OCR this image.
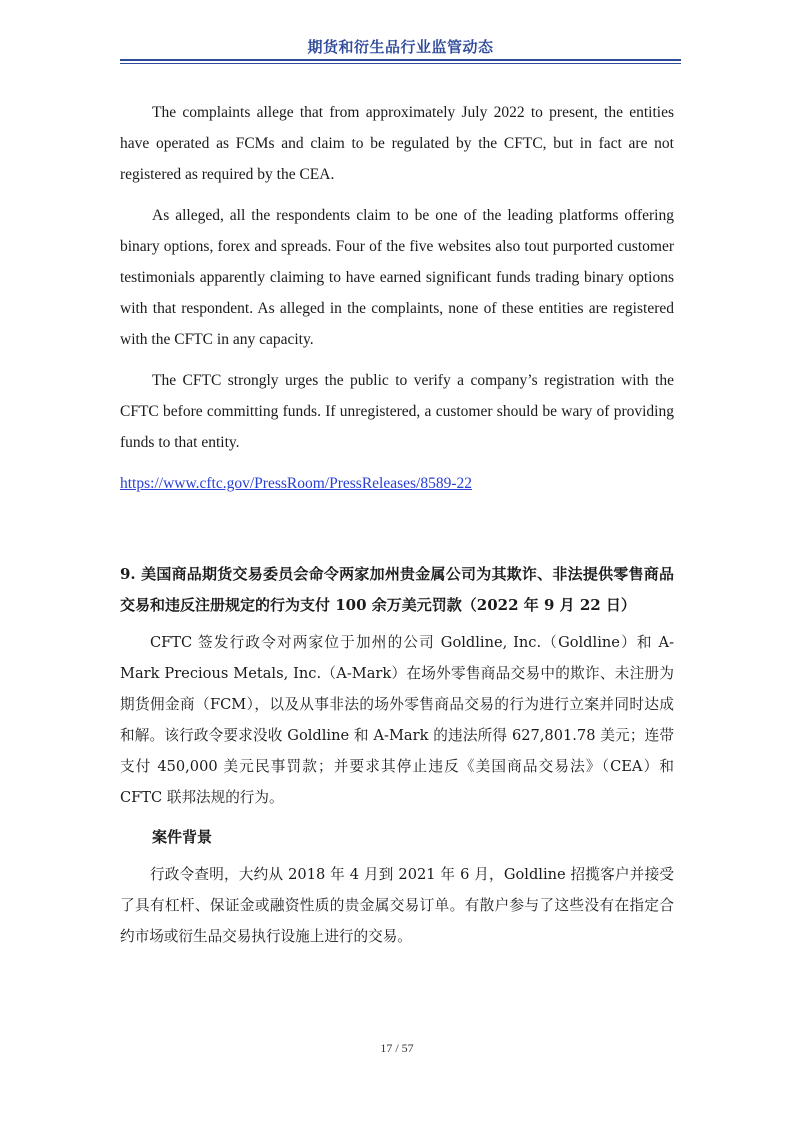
期货和衍生品行业监管动态

The complaints allege that from approximately July 2022 to present, the entities have operated as FCMs and claim to be regulated by the CFTC, but in fact are not registered as required by the CEA.

As alleged, all the respondents claim to be one of the leading platforms offering binary options, forex and spreads. Four of the five websites also tout purported customer testimonials apparently claiming to have earned significant funds trading binary options with that respondent. As alleged in the complaints, none of these entities are registered with the CFTC in any capacity.

The CFTC strongly urges the public to verify a company’s registration with the CFTC before committing funds. If unregistered, a customer should be wary of providing funds to that entity.

https://www.cftc.gov/PressRoom/PressReleases/8589-22

9. 美国商品期货交易委员会命令两家加州贵金属公司为其欺诈、非法提供零售商品交易和违反注册规定的行为支付 100 余万美元罚款（2022 年 9 月 22 日）

CFTC 签发行政令对两家位于加州的公司 Goldline, Inc.（Goldline）和 A-Mark Precious Metals, Inc.（A-Mark）在场外零售商品交易中的欺诈、未注册为期货佣金商（FCM），以及从事非法的场外零售商品交易的行为进行立案并同时达成和解。该行政令要求没收 Goldline 和 A-Mark 的违法所得 627,801.78 美元；连带支付 450,000 美元民事罚款；并要求其停止违反《美国商品交易法》（CEA）和 CFTC 联邦法规的行为。

案件背景

行政令查明，大约从 2018 年 4 月到 2021 年 6 月，Goldline 招揽客户并接受了具有杠杆、保证金或融资性质的贵金属交易订单。有散户参与了这些没有在指定合约市场或衍生品交易执行设施上进行的交易。

17 / 57
